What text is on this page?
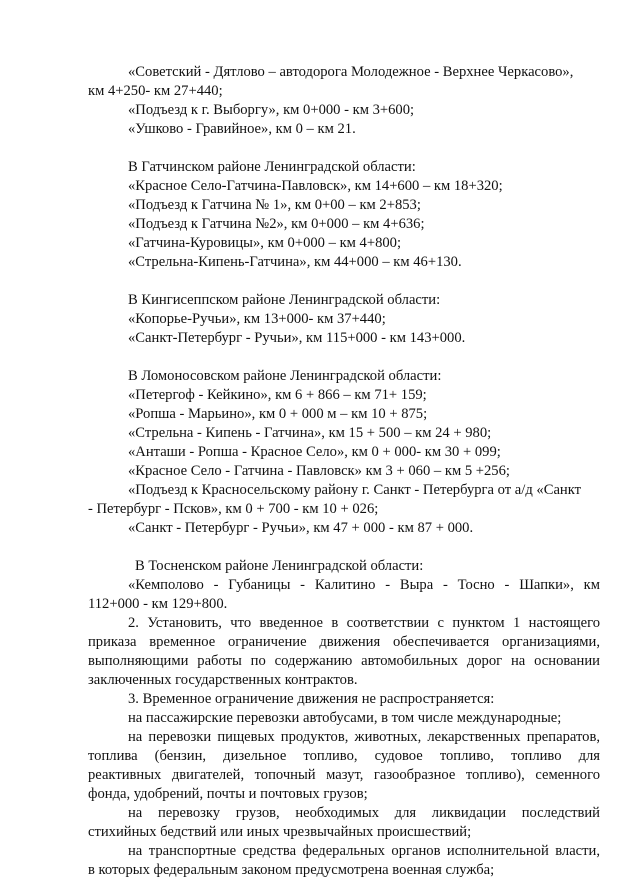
«Советский - Дятлово – автодорога Молодежное - Верхнее Черкасово»,
км 4+250- км 27+440;
«Подъезд к г. Выборгу», км 0+000 - км 3+600;
«Ушково - Гравийное», км 0 – км 21.
В Гатчинском районе Ленинградской области:
«Красное Село-Гатчина-Павловск», км 14+600 – км 18+320;
«Подъезд к Гатчина № 1», км 0+00 – км 2+853;
«Подъезд к Гатчина №2», км 0+000 – км 4+636;
«Гатчина-Куровицы», км 0+000 – км 4+800;
«Стрельна-Кипень-Гатчина», км 44+000 – км 46+130.
В Кингисеппском районе Ленинградской области:
«Копорье-Ручьи», км 13+000- км 37+440;
«Санкт-Петербург - Ручьи», км 115+000 - км 143+000.
В Ломоносовском районе Ленинградской области:
«Петергоф - Кейкино», км 6 + 866 – км 71+ 159;
«Ропша - Марьино», км 0 + 000 м – км 10 + 875;
«Стрельна - Кипень - Гатчина», км 15 + 500 – км 24 + 980;
«Анташи - Ропша - Красное Село», км 0 + 000- км 30 + 099;
«Красное Село - Гатчина - Павловск» км 3 + 060 – км 5 +256;
«Подъезд к Красносельскому району г. Санкт - Петербурга от а/д «Санкт
- Петербург - Псков», км 0 + 700 - км 10 + 026;
«Санкт - Петербург - Ручьи», км 47 + 000 - км 87 + 000.
В Тосненском районе Ленинградской области:
«Кемполово - Губаницы - Калитино - Выра - Тосно - Шапки», км
112+000 - км 129+800.
2. Установить, что введенное в соответствии с пунктом 1 настоящего
приказа временное ограничение движения обеспечивается организациями,
выполняющими работы по содержанию автомобильных дорог на основании
заключенных государственных контрактов.
3. Временное ограничение движения не распространяется:
на пассажирские перевозки автобусами, в том числе международные;
на перевозки пищевых продуктов, животных, лекарственных препаратов,
топлива (бензин, дизельное топливо, судовое топливо, топливо для
реактивных двигателей, топочный мазут, газообразное топливо), семенного
фонда, удобрений, почты и почтовых грузов;
на перевозку грузов, необходимых для ликвидации последствий
стихийных бедствий или иных чрезвычайных происшествий;
на транспортные средства федеральных органов исполнительной власти,
в которых федеральным законом предусмотрена военная служба;
